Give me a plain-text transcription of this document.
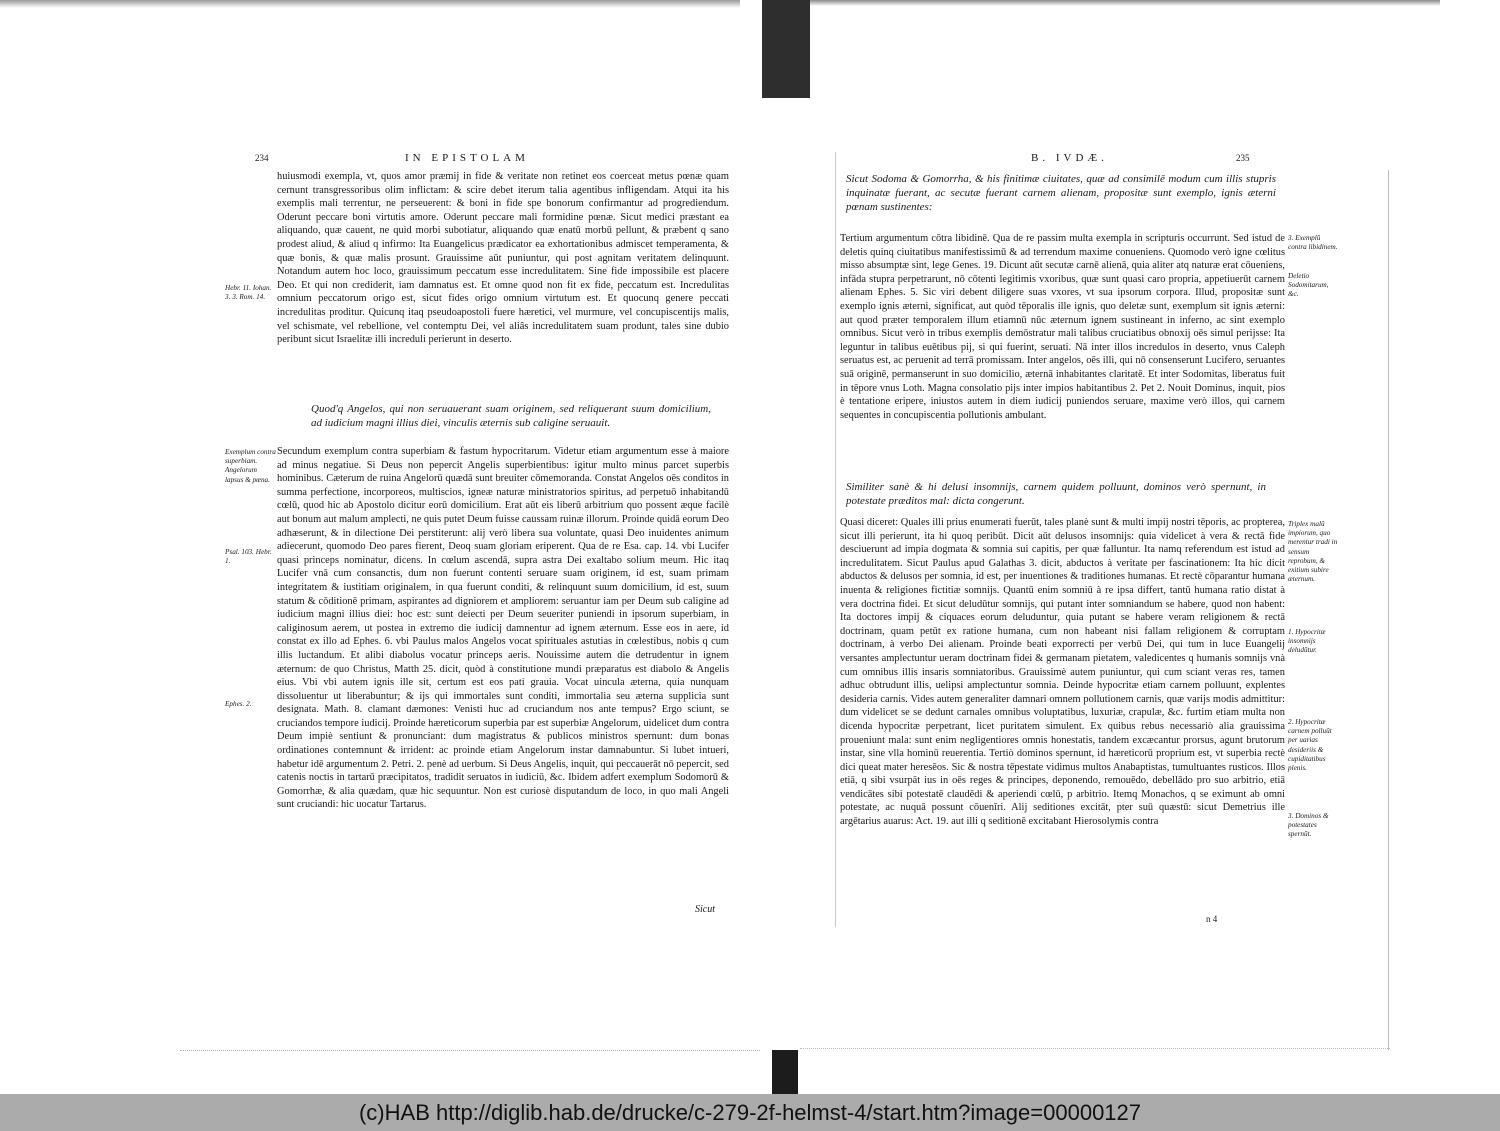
234	IN EPISTOLAM

huiusmodi exempla, vt, quos amor præmij in fide & veritate non retinet eos coerceat metus pœnæ quam cernunt transgressoribus olim inflictam: & scire debet iterum talia agentibus infligendam. Atqui ita his exemplis mali terrentur, ne perseuerent: & boni in fide spe bonorum confirmantur ad progrediendum. Oderunt peccare boni virtutis amore. Oderunt peccare mali formidine pœnæ. Sicut medici præstant ea aliquando, quæ cauent, ne quid morbi subotiatur, aliquando quæ enatū morbū pellunt, & præbent q sano prodest aliud, & aliud q infirmo: Ita Euangelicus prædicator ea exhortationibus admiscet temperamenta, & quæ bonis, & quæ malis prosunt. Grauissime aūt puniuntur, qui post agnitam veritatem delinquunt. Notandum autem hoc loco, grauissimum peccatum esse incredulitatem. Sine fide impossibile est placere Deo. Et qui non crediderit, iam damnatus est. Et omne quod non fit ex fide, peccatum est. Incredulitas omnium peccatorum origo est, sicut fides origo omnium virtutum est. Et quocunq genere peccati incredulitas proditur. Quicunq itaq pseudoapostoli fuere hæretici, vel murmure, vel concupiscentijs malis, vel schismate, vel rebellione, vel contemptu Dei, vel aliâs incredulitatem suam produnt, tales sine dubio peribunt sicut Israelitæ illi increduli perierunt in deserto.

Quod'q Angelos, qui non seruauerant suam originem, sed reliquerant suum domicilium, ad iudicium magni illius diei, vinculis æternis sub caligine seruauit.

Secundum exemplum contra superbiam & fastum hypocritarum. Videtur etiam argumentum esse à maiore ad minus negatiue. Si Deus non pepercit Angelis superbientibus: igitur multo minus parcet superbis hominibus. Cæterum de ruina Angelorū quædā sunt breuiter cōmemoranda. Constat Angelos oēs conditos in summa perfectione, incorporeos, multiscios, igneæ naturæ ministratorios spiritus, ad perpetuō inhabitandū cœlū, quod hic ab Apostolo dicitur eorū domicilium. Erat aūt eis liberū arbitrium quo possent æque facilè aut bonum aut malum amplecti, ne quis putet Deum fuisse caussam ruinæ illorum. Proinde quidā eorum Deo adhæserunt, & in dilectione Dei perstiterunt: alij verò libera sua voluntate, quasi Deo inuidentes animum adiecerunt, quomodo Deo pares fierent, Deoq suam gloriam eriperent. Qua de re Esa. cap. 14. vbi Lucifer quasi princeps nominatur, dicens. In cœlum ascendā, supra astra Dei exaltabo solium meum. Hic itaq Lucifer vnā cum consanctis, dum non fuerunt contenti seruare suam originem, id est, suam primam integritatem & iustitiam originalem, in qua fuerunt conditi, & relinquunt suum domicilium, id est, suum statum & cōditionē primam, aspirantes ad digniorem et ampliorem: seruantur iam per Deum sub caligine ad iudicium magni illius diei: hoc est: sunt deiecti per Deum seueriter puniendi in ipsorum superbiam, in caliginosum aerem, ut postea in extremo die iudicij damnentur ad ignem æternum. Esse eos in aere, id constat ex illo ad Ephes. 6. vbi Paulus malos Angelos vocat spirituales astutias in cœlestibus, nobis q cum illis luctandum. Et alibi diabolus vocatur princeps aeris. Nouissime autem die detrudentur in ignem æternum: de quo Christus, Matth 25. dicit, quòd à constitutione mundi præparatus est diabolo & Angelis eius. Vbi vbi autem ignis ille sit, certum est eos pati grauia. Vocat uincula æterna, quia nunquam dissoluentur ut liberabuntur; & ijs qui immortales sunt conditi, immortalia seu æterna supplicia sunt designata. Math. 8. clamant dæmones: Venisti huc ad cruciandum nos ante tempus? Ergo sciunt, se cruciandos tempore iudicij. Proinde hæreticorum superbia par est superbiæ Angelorum, uidelicet dum contra Deum impiè sentiunt & pronunciant: dum magistratus & publicos ministros spernunt: dum bonas ordinationes contemnunt & irrident: ac proinde etiam Angelorum instar damnabuntur. Si lubet intueri, habetur idē argumentum 2. Petri. 2. penè ad uerbum. Si Deus Angelis, inquit, qui peccauerāt nō pepercit, sed catenis noctis in tartarū præcipitatos, tradidit seruatos in iudiciū, &c. Ibidem adfert exemplum Sodomorū & Gomorrhæ, & alia quædam, quæ hic sequuntur. Non est curiosè disputandum de loco, in quo mali Angeli sunt cruciandi: hic uocatur Tartarus.

Sicut
Hebr. 11. Iohan. 3. 3. Rom. 14.
Exemplum contra superbiam. Angelorum lapsus & pœna.
Psal. 103. Hebr. 1.
Ephes. 2.
B. IVDÆ.	235

Sicut Sodoma & Gomorrha, & his finitimæ ciuitates, quæ ad consimilē modum cum illis stupris inquinatæ fuerant, ac secutæ fuerant carnem alienam, propositæ sunt exemplo, ignis æterni pœnam sustinentes:

Tertium argumentum cōtra libidinē. Qua de re passim multa exempla in scripturis occurrunt. Sed istud de deletis quinq ciuitatibus manifestissimū & ad terrendum maxime conueniens. Quomodo verò igne cœlitus misso absumptæ sint, lege Genes. 19. Dicunt aūt secutæ carnē alienā, quia aliter atq naturæ erat cōueniens, infāda stupra perpetrarunt, nō cōtenti legitimis vxoribus, quæ sunt quasi caro propria, appetiuerūt carnem alienam Ephes. 5. Sic viri debent diligere suas vxores, vt sua ipsorum corpora. Illud, propositæ sunt exemplo ignis æterni, significat, aut quòd tēporalis ille ignis, quo deletæ sunt, exemplum sit ignis æterni: aut quod præter temporalem illum etiamnū nūc æternum ignem sustineant in inferno, ac sint exemplo omnibus. Sicut verò in tribus exemplis demōstratur mali talibus cruciatibus obnoxij oēs simul perijsse: Ita leguntur in talibus euētibus pij, si qui fuerint, seruati. Nā inter illos incredulos in deserto, vnus Caleph seruatus est, ac peruenit ad terrā promissam. Inter angelos, oēs illi, qui nō consenserunt Lucifero, seruantes suā originē, permanserunt in suo domicilio, æternā inhabitantes claritatē. Et inter Sodomitas, liberatus fuit in tēpore vnus Loth. Magna consolatio pijs inter impios habitantibus 2. Pet 2. Nouit Dominus, inquit, pios è tentatione eripere, iniustos autem in diem iudicij puniendos seruare, maxime verò illos, qui carnem sequentes in concupiscentia pollutionis ambulant.

Similiter sanè & hi delusi insomnijs, carnem quidem polluunt, dominos verò spernunt, in potestate præditos mal: dicta congerunt.

Quasi diceret: Quales illi prius enumerati fuerūt, tales planè sunt & multi impij nostri tēporis, ac propterea, sicut illi perierunt, ita hi quoq peribūt. Dicit aūt delusos insomnijs: quia videlicet à vera & rectā fide desciuerunt ad impia dogmata & somnia sui capitis, per quæ falluntur. Ita namq referendum est istud ad incredulitatem. Sicut Paulus apud Galathas 3. dicit, abductos à veritate per fascinationem: Ita hic dicit abductos & delusos per somnia, id est, per inuentiones & traditiones humanas. Et rectè cōparantur humana inuenta & religiones fictitiæ somnijs. Quantū enim somniū à re ipsa differt, tantū humana ratio distat à vera doctrina fidei. Et sicut deludūtur somnijs, qui putant inter somniandum se habere, quod non habent: Ita doctores impij & ciquaces eorum deluduntur, quia putant se habere veram religionem & rectā doctrinam, quam petūt ex ratione humana, cum non habeant nisi fallam religionem & corruptam doctrinam, à verbo Dei alienam. Proinde beati exporrecti per verbū Dei, qui tum in luce Euangelij versantes amplectuntur ueram doctrinam fidei & germanam pietatem, valedicentes q humanis somnijs vnà cum omnibus illis insaris somniatoribus. Grauissimè autem puniuntur, qui cum sciant veras res, tamen adhuc obtrudunt illis, uelipsi amplectuntur somnia. Deinde hypocritæ etiam carnem polluunt, explentes desideria carnis. Vides autem generaliter damnari omnem pollutionem carnis, quæ varijs modis admittitur: dum videlicet se se dedunt carnales omnibus voluptatibus, luxuriæ, crapulæ, &c. furtim etiam multa non dicenda hypocritæ perpetrant, licet puritatem simulent. Ex quibus rebus necessariò alia grauissima proueniunt mala: sunt enim negligentiores omnis honestatis, tandem excæcantur prorsus, agunt brutorum instar, sine vlla hominū reuerentia. Tertiò dominos spernunt, id hæreticorū proprium est, vt superbia rectè dici queat mater heresēos. Sic & nostra tēpestate vidimus multos Anabaptistas, tumultuantes rusticos. Illos etiā, q sibi vsurpāt ius in oēs reges & principes, deponendo, remouēdo, debellādo pro suo arbitrio, etiā vendicātes sibi potestatē claudēdi & aperiendi cœlū, p arbitrio. Itemq Monachos, q se eximunt ab omni potestate, ac nuquā possunt cōuenīri. Alij seditiones excitāt, pter suū quæstū: sicut Demetrius ille argētarius auarus: Act. 19. aut illi q seditionē excitabant Hierosolymis contra

n 4
3. Exemplū contra libidinem.
Deletio Sodomitarum, &c.
Triplex malū impiorum, quo merentur tradi in sensum reprobum, & exitium subire æternum.
1. Hypocritæ insomnijs deludūtur.
2. Hypocritæ carnem polluūt per uarias desideriis & cupiditatibus plenis.
3. Dominos & potestates spernūt.
(c)HAB http://diglib.hab.de/drucke/c-279-2f-helmst-4/start.htm?image=00000127
